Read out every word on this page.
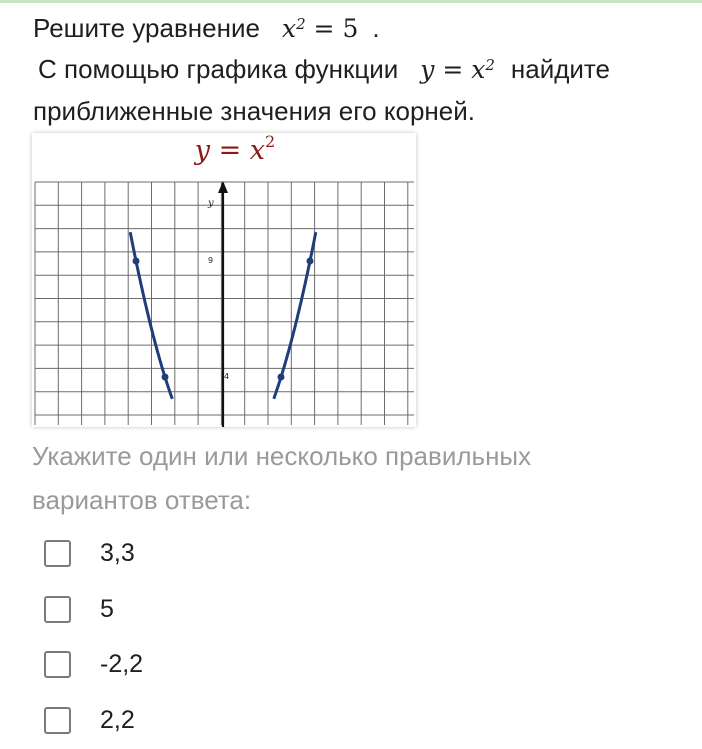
Решите уравнение $x^2 = 5$ .
С помощью графика функции $y = x^2$ найдите
приближенные значения его корней.
y
9
4
$y = x^2$
Укажите один или несколько правильных
вариантов ответа:
3,3
5
-2,2
2,2
